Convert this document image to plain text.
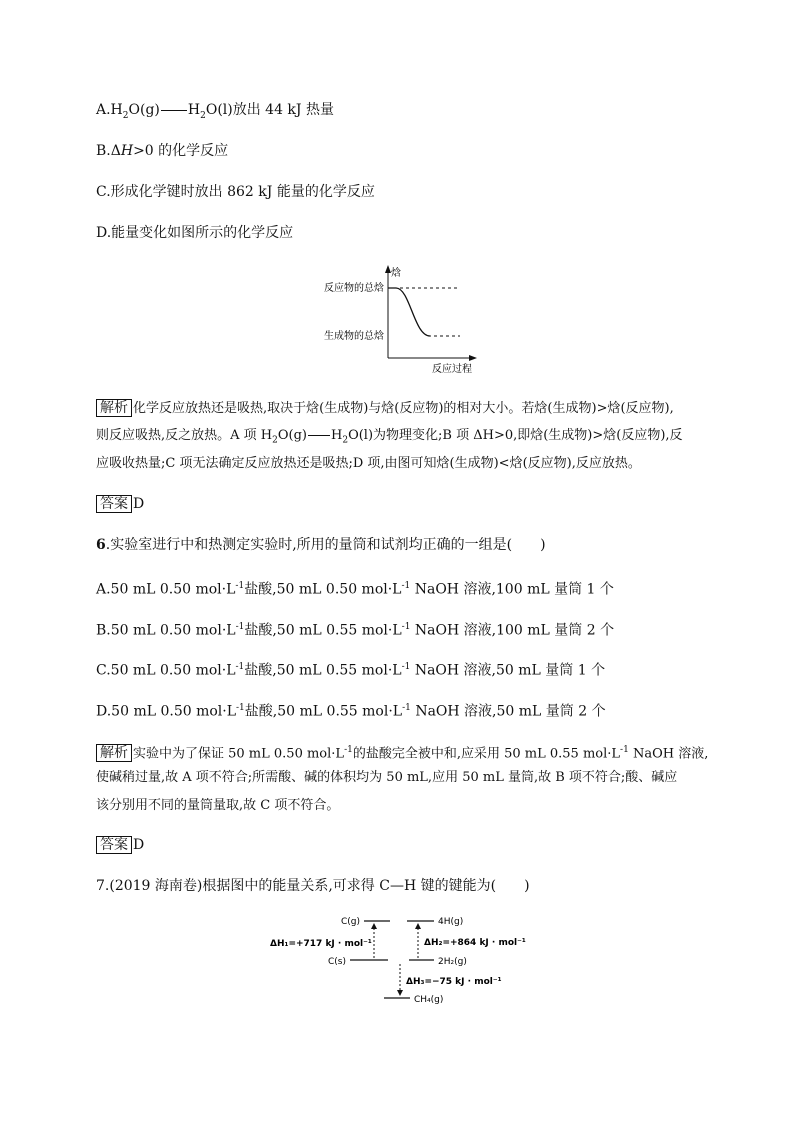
$A.H_2O(g)$ $H_2O(l)$放出 44 kJ 热量
B.ΔH>0 的化学反应
C.形成化学键时放出 862 kJ 能量的化学反应
D.能量变化如图所示的化学反应
焓
反应过程
反应物的总焓
生成物的总焓
解析 化学反应放热还是吸热,取决于焓(生成物)与焓(反应物)的相对大小。若焓(生成物)>焓(反应物),
则反应吸热,反之放热。A 项 $H_2O(g)$ $H_2O(l)$为物理变化;B 项 ΔH>0,即焓(生成物)>焓(反应物),反
应吸收热量;C 项无法确定反应放热还是吸热;D 项,由图可知焓(生成物)<焓(反应物),反应放热。
答案 D
6.实验室进行中和热测定实验时,所用的量筒和试剂均正确的一组是(　　)
A.50 mL 0.50 $mol\cdot L^{-1}$盐酸,50 mL 0.50 $mol\cdot L^{-1}$ NaOH 溶液,100 mL 量筒 1 个
B.50 mL 0.50 $mol\cdot L^{-1}$盐酸,50 mL 0.55 $mol\cdot L^{-1}$ NaOH 溶液,100 mL 量筒 2 个
C.50 mL 0.50 $mol\cdot L^{-1}$盐酸,50 mL 0.55 $mol\cdot L^{-1}$ NaOH 溶液,50 mL 量筒 1 个
D.50 mL 0.50 $mol\cdot L^{-1}$盐酸,50 mL 0.55 $mol\cdot L^{-1}$ NaOH 溶液,50 mL 量筒 2 个
解析 实验中为了保证 50 mL 0.50 $mol\cdot L^{-1}$的盐酸完全被中和,应采用 50 mL 0.55 $mol\cdot L^{-1}$ NaOH 溶液,
使碱稍过量,故 A 项不符合;所需酸、碱的体积均为 50 mL,应用 50 mL 量筒,故 B 项不符合;酸、碱应
该分别用不同的量筒量取,故 C 项不符合。
答案 D
7.(2019 海南卷)根据图中的能量关系,可求得 C—H 键的键能为(　　)
C(g)
C(s)
ΔH₁=+717 kJ · mol⁻¹
4H(g)
2H₂(g)
ΔH₂=+864 kJ · mol⁻¹
ΔH₃=−75 kJ · mol⁻¹
CH₄(g)
